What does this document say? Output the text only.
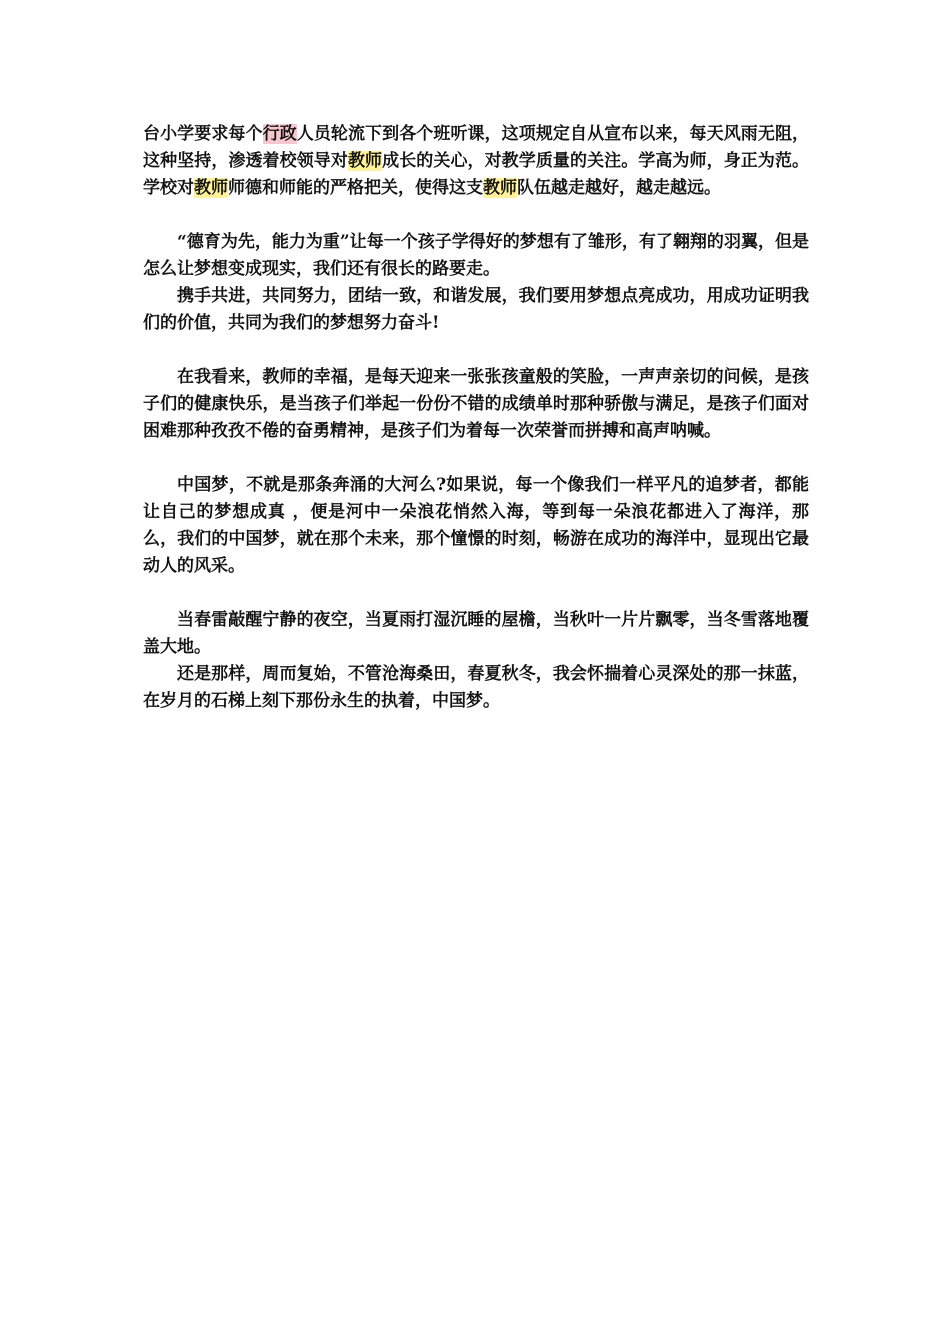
台小学要求每个行政人员轮流下到各个班听课，这项规定自从宣布以来，每天风雨无阻，这种坚持，渗透着校领导对教师成长的关心，对教学质量的关注。学高为师，身正为范。学校对教师师德和师能的严格把关，使得这支教师队伍越走越好，越走越远。

“德育为先，能力为重”让每一个孩子学得好的梦想有了雏形，有了翱翔的羽翼，但是怎么让梦想变成现实，我们还有很长的路要走。

携手共进，共同努力，团结一致，和谐发展，我们要用梦想点亮成功，用成功证明我们的价值，共同为我们的梦想努力奋斗!

在我看来，教师的幸福，是每天迎来一张张孩童般的笑脸，一声声亲切的问候，是孩子们的健康快乐，是当孩子们举起一份份不错的成绩单时那种骄傲与满足，是孩子们面对困难那种孜孜不倦的奋勇精神，是孩子们为着每一次荣誉而拼搏和高声呐喊。

中国梦，不就是那条奔涌的大河么?如果说，每一个像我们一样平凡的追梦者，都能让自己的梦想成真 ，便是河中一朵浪花悄然入海，等到每一朵浪花都进入了海洋，那么，我们的中国梦，就在那个未来，那个憧憬的时刻，畅游在成功的海洋中，显现出它最动人的风采。

当春雷敲醒宁静的夜空，当夏雨打湿沉睡的屋檐，当秋叶一片片飘零，当冬雪落地覆盖大地。

还是那样，周而复始，不管沧海桑田，春夏秋冬，我会怀揣着心灵深处的那一抹蓝，在岁月的石梯上刻下那份永生的执着，中国梦。
